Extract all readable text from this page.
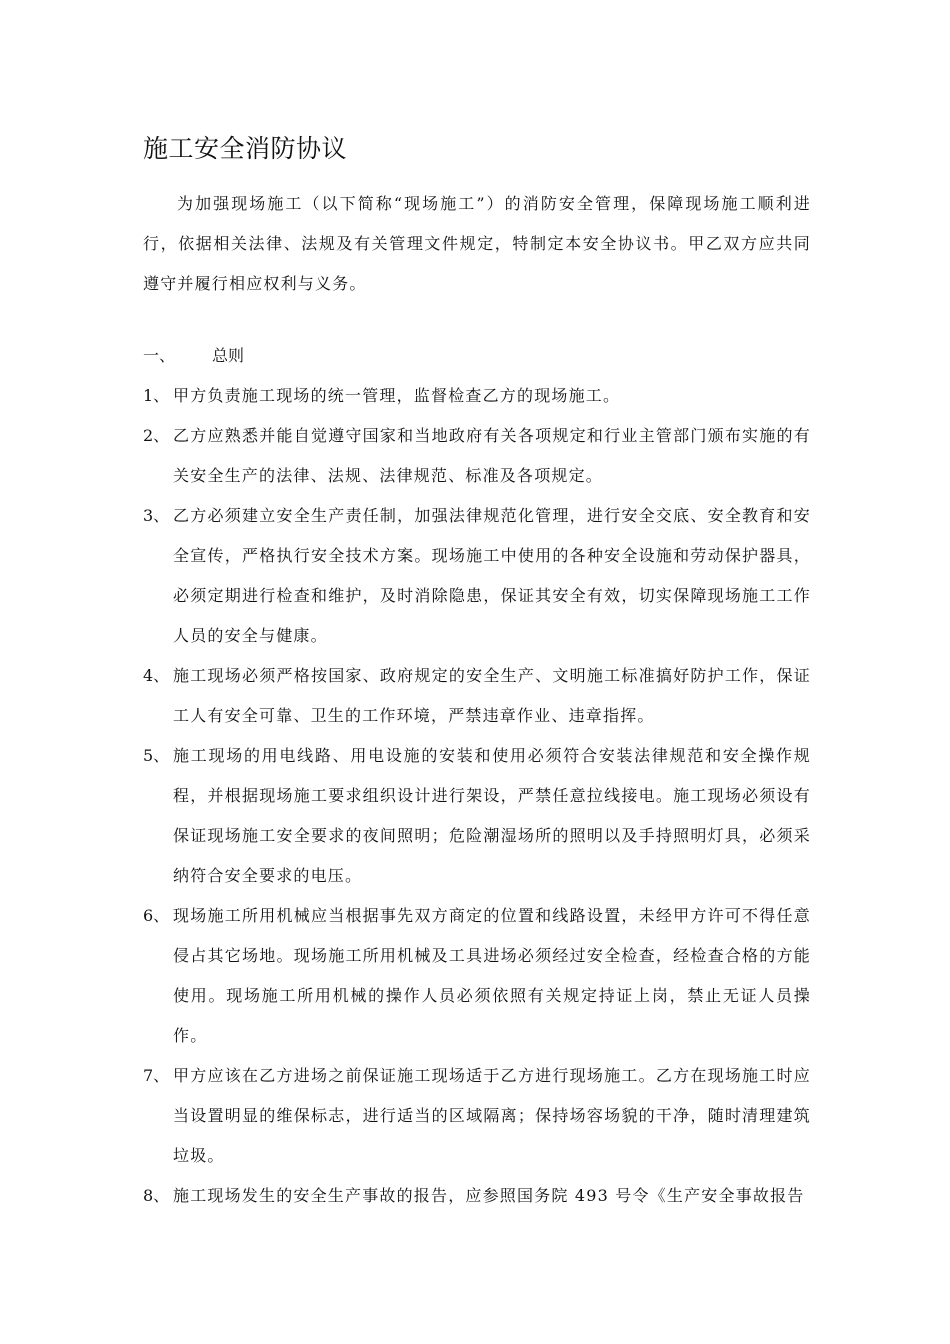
施工安全消防协议

为加强现场施工（以下简称“现场施工”）的消防安全管理，保障现场施工顺利进行，依据相关法律、法规及有关管理文件规定，特制定本安全协议书。甲乙双方应共同遵守并履行相应权利与义务。

一、 总则
1、 甲方负责施工现场的统一管理，监督检查乙方的现场施工。
2、 乙方应熟悉并能自觉遵守国家和当地政府有关各项规定和行业主管部门颁布实施的有关安全生产的法律、法规、法律规范、标准及各项规定。
3、 乙方必须建立安全生产责任制，加强法律规范化管理，进行安全交底、安全教育和安全宣传，严格执行安全技术方案。现场施工中使用的各种安全设施和劳动保护器具，必须定期进行检查和维护，及时消除隐患，保证其安全有效，切实保障现场施工工作人员的安全与健康。
4、 施工现场必须严格按国家、政府规定的安全生产、文明施工标准搞好防护工作，保证工人有安全可靠、卫生的工作环境，严禁违章作业、违章指挥。
5、 施工现场的用电线路、用电设施的安装和使用必须符合安装法律规范和安全操作规程，并根据现场施工要求组织设计进行架设，严禁任意拉线接电。施工现场必须设有保证现场施工安全要求的夜间照明；危险潮湿场所的照明以及手持照明灯具，必须采纳符合安全要求的电压。
6、 现场施工所用机械应当根据事先双方商定的位置和线路设置，未经甲方许可不得任意侵占其它场地。现场施工所用机械及工具进场必须经过安全检查，经检查合格的方能使用。现场施工所用机械的操作人员必须依照有关规定持证上岗，禁止无证人员操作。
7、 甲方应该在乙方进场之前保证施工现场适于乙方进行现场施工。乙方在现场施工时应当设置明显的维保标志，进行适当的区域隔离；保持场容场貌的干净，随时清理建筑垃圾。
8、 施工现场发生的安全生产事故的报告，应参照国务院 493 号令《生产安全事故报告
